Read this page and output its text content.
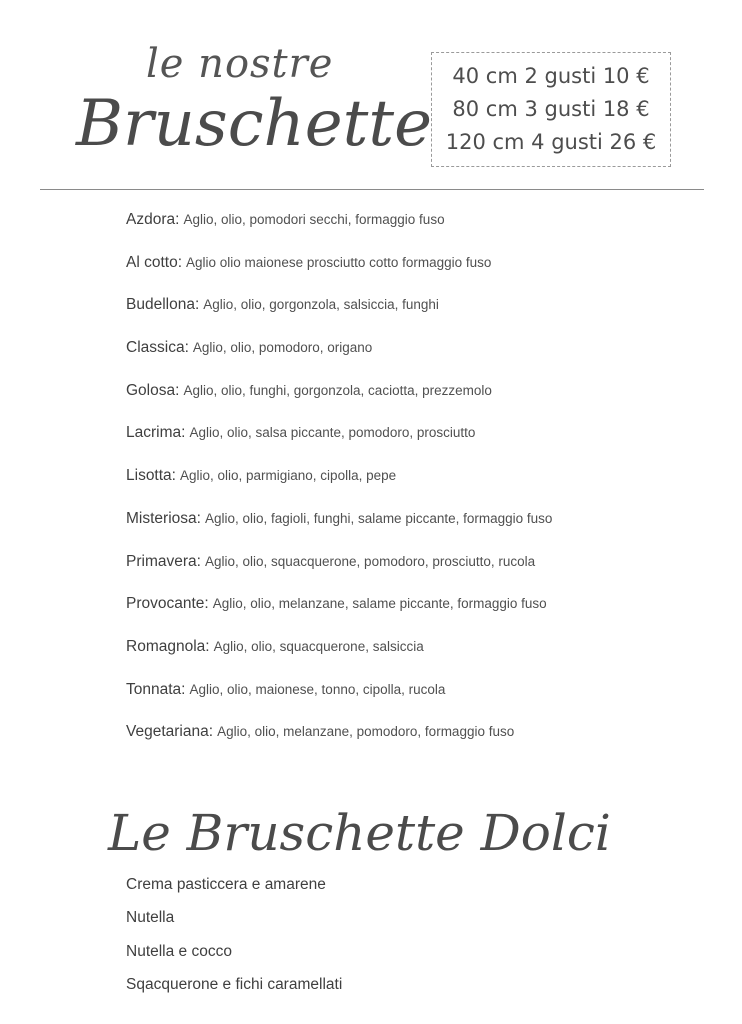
le nostre
Bruschette
40 cm 2 gusti 10 €
80 cm 3 gusti 18 €
120 cm 4 gusti 26 €
Azdora : Aglio, olio, pomodori secchi, formaggio fuso
Al cotto : Aglio olio maionese prosciutto cotto formaggio fuso
Budellona : Aglio, olio, gorgonzola, salsiccia, funghi
Classica : Aglio, olio, pomodoro, origano
Golosa : Aglio, olio, funghi, gorgonzola, caciotta, prezzemolo
Lacrima : Aglio, olio, salsa piccante, pomodoro, prosciutto
Lisotta : Aglio, olio, parmigiano, cipolla, pepe
Misteriosa : Aglio, olio, fagioli, funghi, salame piccante, formaggio fuso
Primavera : Aglio, olio, squacquerone, pomodoro, prosciutto, rucola
Provocante : Aglio, olio, melanzane, salame piccante, formaggio fuso
Romagnola : Aglio, olio, squacquerone, salsiccia
Tonnata : Aglio, olio, maionese, tonno, cipolla, rucola
Vegetariana : Aglio, olio, melanzane, pomodoro, formaggio fuso
Le Bruschette Dolci
Crema pasticcera e amarene
Nutella
Nutella e cocco
Sqacquerone e fichi caramellati
